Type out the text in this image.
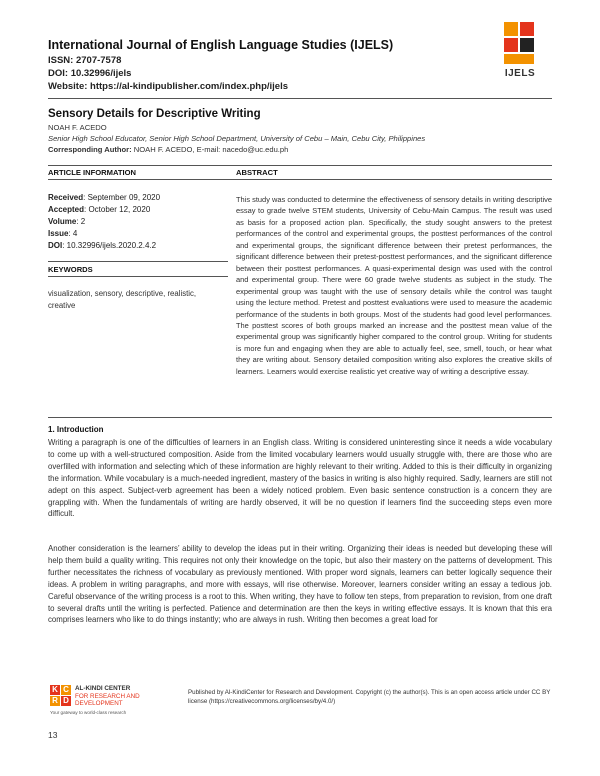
International Journal of English Language Studies (IJELS)
ISSN: 2707-7578
DOI: 10.32996/ijels
Website: https://al-kindipublisher.com/index.php/ijels
IJELS
Sensory Details for Descriptive Writing
NOAH F. ACEDO
Senior High School Educator, Senior High School Department, University of Cebu – Main, Cebu City, Philippines
Corresponding Author: NOAH F. ACEDO, E-mail: nacedo@uc.edu.ph
ARTICLE INFORMATION	ABSTRACT

Received: September 09, 2020

Accepted: October 12, 2020

Volume: 2

Issue: 4

DOI: 10.32996/ijels.2020.2.4.2

KEYWORDS
visualization, sensory, descriptive, realistic, creative
This study was conducted to determine the effectiveness of sensory details in writing descriptive essay to grade twelve STEM students, University of Cebu-Main Campus. The result was used as basis for a proposed action plan. Specifically, the study sought answers to the pretest performances of the control and experimental groups, the posttest performances of the control and experimental groups, the significant difference between their pretest performances, the significant difference between their pretest-posttest performances, and the significant difference between their posttest performances. A quasi-experimental design was used with the control and experimental group. There were 60 grade twelve students as subject in the study. The experimental group was taught with the use of sensory details while the control was taught using the lecture method. Pretest and posttest evaluations were used to measure the academic performance of the students in both groups. Most of the students had good level performances. The posttest scores of both groups marked an increase and the posttest mean value of the experimental group was significantly higher compared to the control group. Writing for students is more fun and engaging when they are able to actually feel, see, smell, touch, or hear what they are writing about. Sensory detailed composition writing also explores the creative skills of learners. Learners would exercise realistic yet creative way of writing a descriptive essay.
1. Introduction

Writing a paragraph is one of the difficulties of learners in an English class. Writing is considered uninteresting since it needs a wide vocabulary to come up with a well-structured composition. Aside from the limited vocabulary learners would usually struggle with, there are those who are overfilled with information and selecting which of these information are highly relevant to their writing. Added to this is their difficulty in organizing the information. While vocabulary is a much-needed ingredient, mastery of the basics in writing is also highly required. Sadly, learners are still not adept on this aspect. Subject-verb agreement has been a widely noticed problem. Even basic sentence construction is a concern they are grappling with. When the fundamentals of writing are hardly observed, it will be no question if learners find the succeeding steps even more difficult.

Another consideration is the learners’ ability to develop the ideas put in their writing. Organizing their ideas is needed but developing these will help them build a quality writing. This requires not only their knowledge on the topic, but also their mastery on the patterns of development. This further necessitates the richness of vocabulary as previously mentioned. With proper word signals, learners can better logically sequence their ideas. A problem in writing paragraphs, and more with essays, will rise otherwise. Moreover, learners consider writing an essay a tedious job. Careful observance of the writing process is a root to this. When writing, they have to follow ten steps, from preparation to revision, from one draft to several drafts until the writing is perfected. Patience and determination are then the keys in writing effective essays. It is known that this era comprises learners who like to do things instantly; who are always in rush. Writing then becomes a great load for

K C
R D
AL-KINDI CENTER
FOR RESEARCH AND
DEVELOPMENT
Your gateway to world-class research
Published by Al-KindiCenter for Research and Development. Copyright (c) the author(s). This is an open access article under CC BY license (https://creativecommons.org/licenses/by/4.0/)
13
